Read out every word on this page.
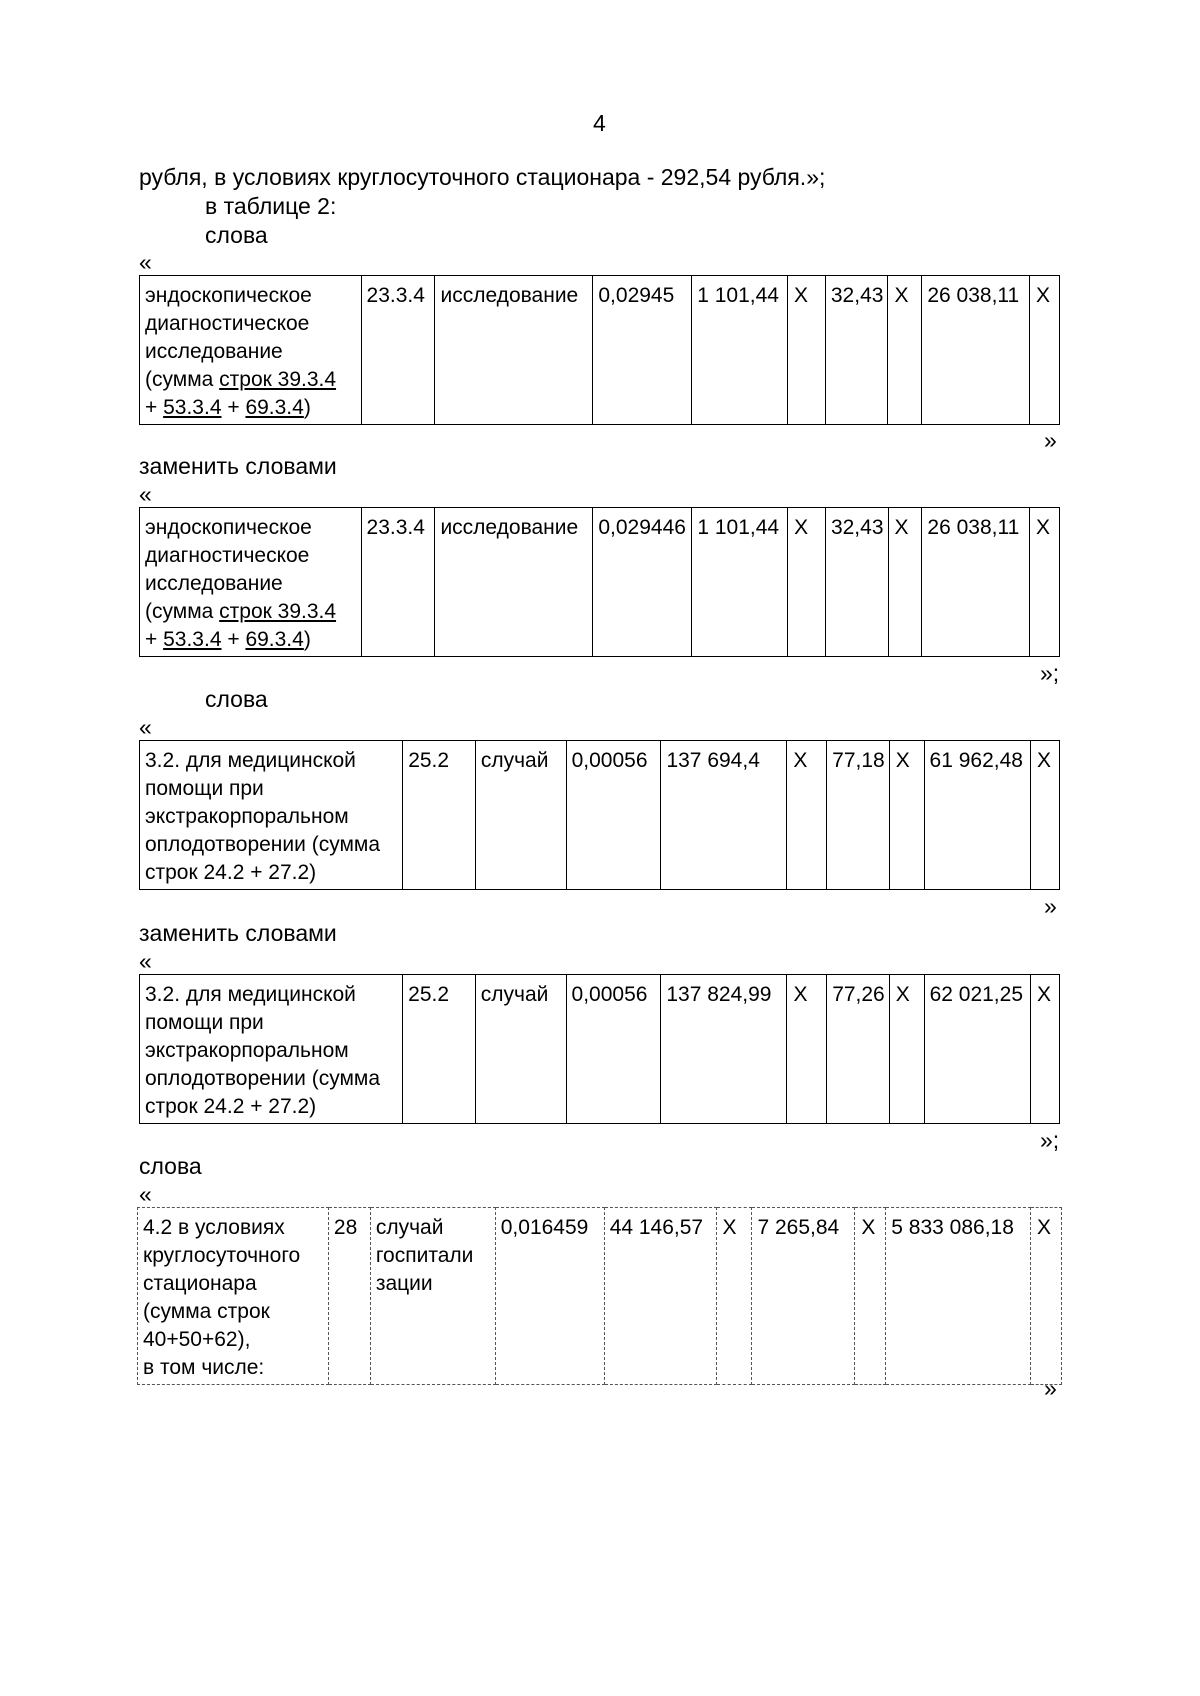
4
рубля, в условиях круглосуточного стационара - 292,54 рубля.»;
в таблице 2:
слова
«
эндоскопическое
диагностическое
исследование
(сумма строк 39.3.4
+ 53.3.4 + 69.3.4)
	23.3.4	исследование	0,02945	1 101,44	X	32,43	X	26 038,11	X
»
заменить словами
«
эндоскопическое
диагностическое
исследование
(сумма строк 39.3.4
+ 53.3.4 + 69.3.4)
	23.3.4	исследование	0,029446	1 101,44	X	32,43	X	26 038,11	X
»;
слова
«
3.2. для медицинской
помощи при
экстракорпоральном
оплодотворении (сумма
строк 24.2 + 27.2)
	25.2	случай	0,00056	137 694,4	X	77,18	X	61 962,48	X
»
заменить словами
«
3.2. для медицинской
помощи при
экстракорпоральном
оплодотворении (сумма
строк 24.2 + 27.2)
	25.2	случай	0,00056	137 824,99	X	77,26	X	62 021,25	X
»;
слова
«
4.2 в условиях
круглосуточного
стационара
(сумма строк
40+50+62),
в том числе:
	28	случай
госпитали
зации
	0,016459	44 146,57	X	7 265,84	X	5 833 086,18	X
»
